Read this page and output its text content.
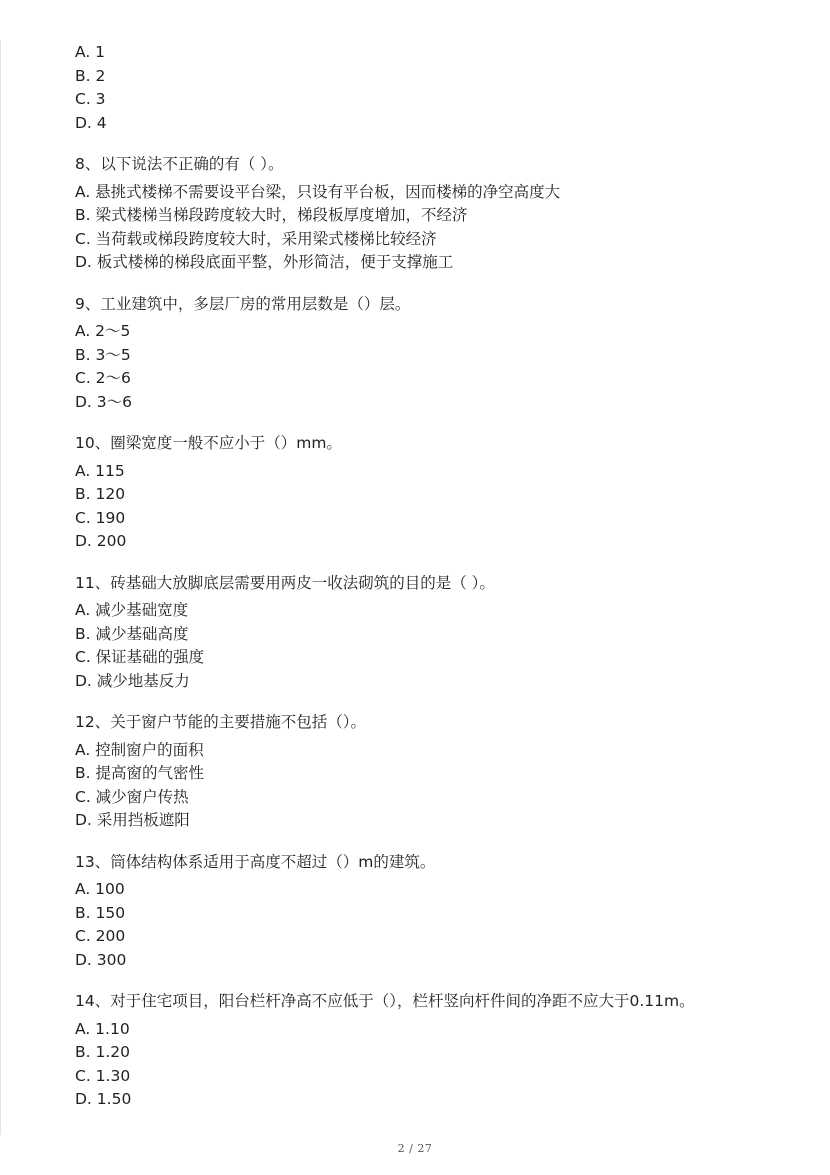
A. 1
B. 2
C. 3
D. 4
8、以下说法不正确的有（ ）。
A. 悬挑式楼梯不需要设平台梁，只设有平台板，因而楼梯的净空高度大
B. 梁式楼梯当梯段跨度较大时，梯段板厚度增加，不经济
C. 当荷载或梯段跨度较大时，采用梁式楼梯比较经济
D. 板式楼梯的梯段底面平整，外形简洁，便于支撑施工
9、工业建筑中，多层厂房的常用层数是（）层。
A. 2～5
B. 3～5
C. 2～6
D. 3～6
10、圈梁宽度一般不应小于（）mm。
A. 115
B. 120
C. 190
D. 200
11、砖基础大放脚底层需要用两皮一收法砌筑的目的是（ ）。
A. 减少基础宽度
B. 减少基础高度
C. 保证基础的强度
D. 减少地基反力
12、关于窗户节能的主要措施不包括（）。
A. 控制窗户的面积
B. 提高窗的气密性
C. 减少窗户传热
D. 采用挡板遮阳
13、筒体结构体系适用于高度不超过（）m的建筑。
A. 100
B. 150
C. 200
D. 300
14、对于住宅项目，阳台栏杆净高不应低于（），栏杆竖向杆件间的净距不应大于0.11m。
A. 1.10
B. 1.20
C. 1.30
D. 1.50
2 / 27
